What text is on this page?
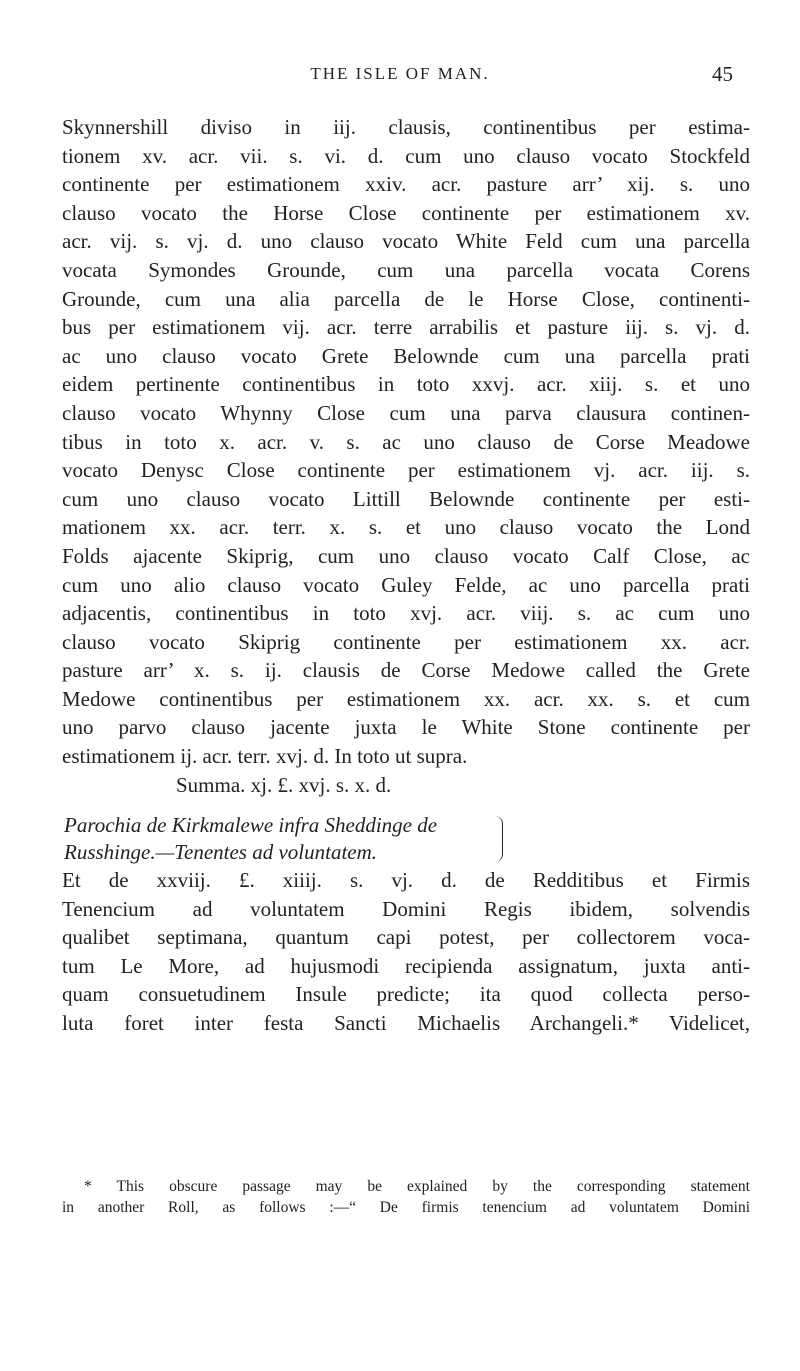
THE ISLE OF MAN.	45
Skynnershill diviso in iij. clausis, continentibus per estima-
tionem xv. acr. vii. s. vi. d. cum uno clauso vocato Stockfeld
continente per estimationem xxiv. acr. pasture arr’ xij. s. uno
clauso vocato the Horse Close continente per estimationem xv.
acr. vij. s. vj. d. uno clauso vocato White Feld cum una parcella
vocata Symondes Grounde, cum una parcella vocata Corens
Grounde, cum una alia parcella de le Horse Close, continenti-
bus per estimationem vij. acr. terre arrabilis et pasture iij. s. vj. d.
ac uno clauso vocato Grete Belownde cum una parcella prati
eidem pertinente continentibus in toto xxvj. acr. xiij. s. et uno
clauso vocato Whynny Close cum una parva clausura continen-
tibus in toto x. acr. v. s. ac uno clauso de Corse Meadowe
vocato Denysc Close continente per estimationem vj. acr. iij. s.
cum uno clauso vocato Littill Belownde continente per esti-
mationem xx. acr. terr. x. s. et uno clauso vocato the Lond
Folds ajacente Skiprig, cum uno clauso vocato Calf Close, ac
cum uno alio clauso vocato Guley Felde, ac uno parcella prati
adjacentis, continentibus in toto xvj. acr. viij. s. ac cum uno
clauso vocato Skiprig continente per estimationem xx. acr.
pasture arr’ x. s. ij. clausis de Corse Medowe called the Grete
Medowe continentibus per estimationem xx. acr. xx. s. et cum
uno parvo clauso jacente juxta le White Stone continente per
estimationem ij. acr. terr. xvj. d. In toto ut supra.
Summa. xj. £. xvj. s. x. d.
Parochia de Kirkmalewe infra Sheddinge de
Russhinge.—Tenentes ad voluntatem.
Et de xxviij. £. xiiij. s. vj. d. de Redditibus et Firmis
Tenencium ad voluntatem Domini Regis ibidem, solvendis
qualibet septimana, quantum capi potest, per collectorem voca-
tum Le More, ad hujusmodi recipienda assignatum, juxta anti-
quam consuetudinem Insule predicte; ita quod collecta perso-
luta foret inter festa Sancti Michaelis Archangeli.* Videlicet,
* This obscure passage may be explained by the corresponding statement
in another Roll, as follows :—“ De firmis tenencium ad voluntatem Domini
